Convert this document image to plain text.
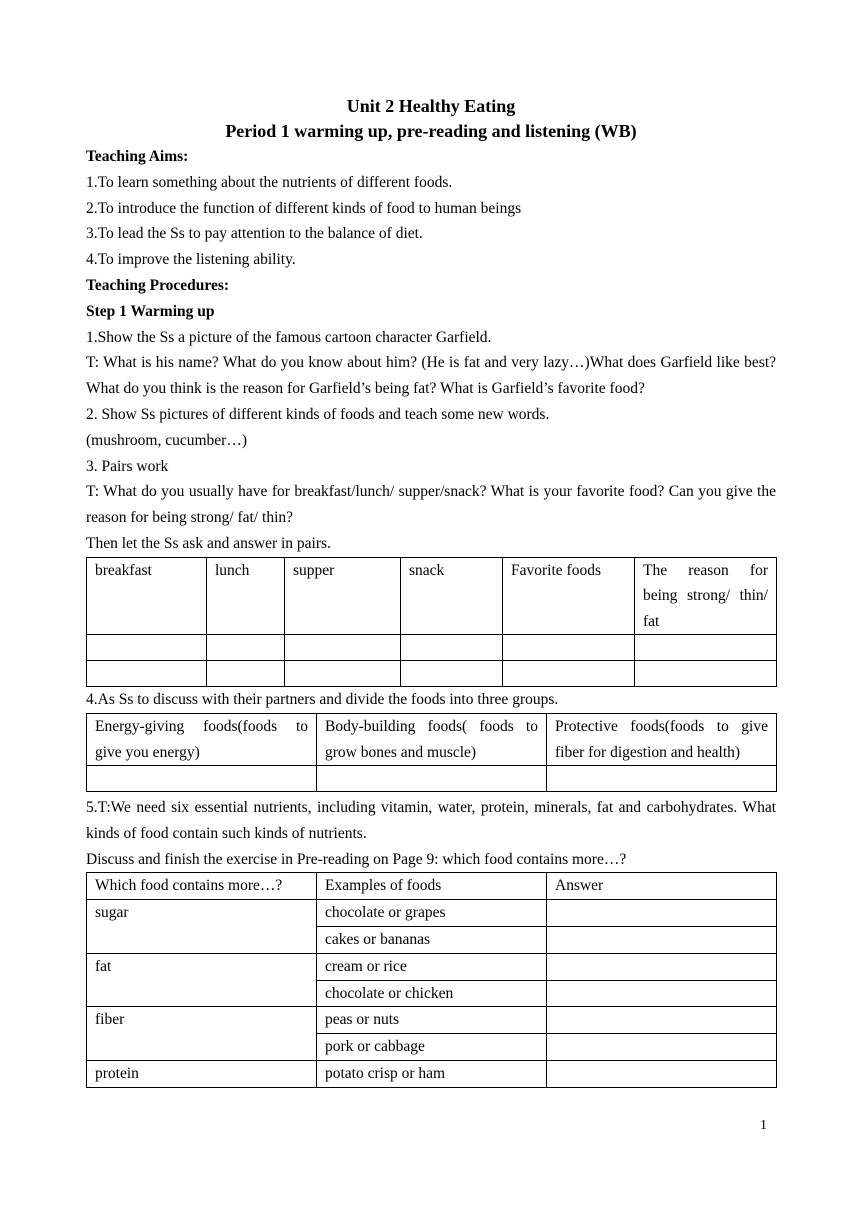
Unit 2 Healthy Eating
Period 1 warming up, pre-reading and listening (WB)

Teaching Aims:

1.To learn something about the nutrients of different foods.

2.To introduce the function of different kinds of food to human beings

3.To lead the Ss to pay attention to the balance of diet.

4.To improve the listening ability.

Teaching Procedures:

Step 1 Warming up

1.Show the Ss a picture of the famous cartoon character Garfield.

T: What is his name? What do you know about him? (He is fat and very lazy…)What does Garfield like best? What do you think is the reason for Garfield’s being fat? What is Garfield’s favorite food?

2. Show Ss pictures of different kinds of foods and teach some new words.

(mushroom, cucumber…)

3. Pairs work

T: What do you usually have for breakfast/lunch/ supper/snack? What is your favorite food? Can you give the reason for being strong/ fat/ thin?

Then let the Ss ask and answer in pairs.

breakfast	lunch	supper	snack	Favorite foods	The reason for being strong/ thin/ fat

4.As Ss to discuss with their partners and divide the foods into three groups.

Energy-giving foods(foods to give you energy)	Body-building foods( foods to grow bones and muscle)	Protective foods(foods to give fiber for digestion and health)

5.T:We need six essential nutrients, including vitamin, water, protein, minerals, fat and carbohydrates. What kinds of food contain such kinds of nutrients.

Discuss and finish the exercise in Pre-reading on Page 9: which food contains more…?

Which food contains more…?	Examples of foods	Answer
sugar	chocolate or grapes	
	cakes or bananas	
fat	cream or rice	
	chocolate or chicken	
fiber	peas or nuts	
	pork or cabbage	
protein	potato crisp or ham	
1
